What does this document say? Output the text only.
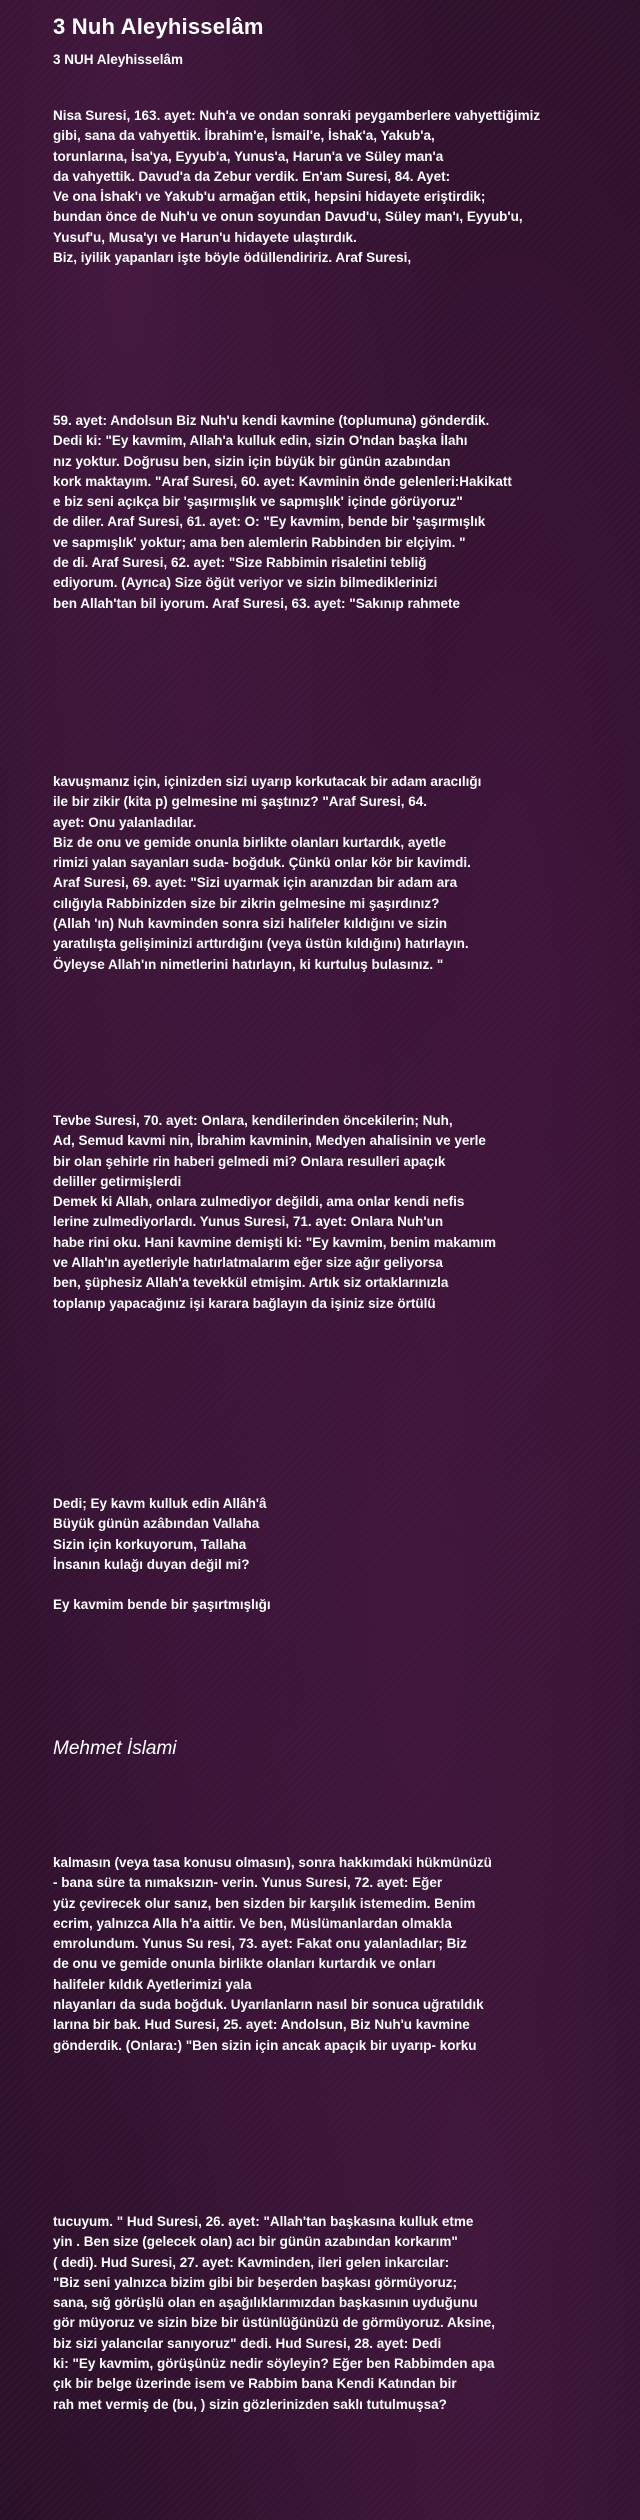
3 Nuh Aleyhisselâm
3 NUH Aleyhisselâm
Nisa Suresi, 163. ayet: Nuh'a ve ondan sonraki peygamberlere vahyettiğimiz
gibi, sana da vahyettik. İbrahim'e, İsmail'e, İshak'a, Yakub'a,
torunlarına, İsa'ya, Eyyub'a, Yunus'a, Harun'a ve Süley man'a
da vahyettik. Davud'a da Zebur verdik. En'am Suresi, 84. Ayet:
Ve ona İshak'ı ve Yakub'u armağan ettik, hepsini hidayete eriştirdik;
bundan önce de Nuh'u ve onun soyundan Davud'u, Süley man'ı, Eyyub'u,
Yusuf'u, Musa'yı ve Harun'u hidayete ulaştırdık.
Biz, iyilik yapanları işte böyle ödüllendiririz. Araf Suresi,
59. ayet: Andolsun Biz Nuh'u kendi kavmine (toplumuna) gönderdik.
Dedi ki: "Ey kavmim, Allah'a kulluk edin, sizin O'ndan başka İlahı
nız yoktur. Doğrusu ben, sizin için büyük bir günün azabından
kork maktayım. "Araf Suresi, 60. ayet: Kavminin önde gelenleri:Hakikatt
e biz seni açıkça bir 'şaşırmışlık ve sapmışlık' içinde görüyoruz"
de diler. Araf Suresi, 61. ayet: O: "Ey kavmim, bende bir 'şaşırmışlık
ve sapmışlık' yoktur; ama ben alemlerin Rabbinden bir elçiyim. "
de di. Araf Suresi, 62. ayet: "Size Rabbimin risaletini tebliğ
ediyorum. (Ayrıca) Size öğüt veriyor ve sizin bilmediklerinizi
ben Allah'tan bil iyorum. Araf Suresi, 63. ayet: "Sakınıp rahmete
kavuşmanız için, içinizden sizi uyarıp korkutacak bir adam aracılığı
ile bir zikir (kita p) gelmesine mi şaştınız? "Araf Suresi, 64.
ayet: Onu yalanladılar.
Biz de onu ve gemide onunla birlikte olanları kurtardık, ayetle
rimizi yalan sayanları suda- boğduk. Çünkü onlar kör bir kavimdi.
Araf Suresi, 69. ayet: "Sizi uyarmak için aranızdan bir adam ara
cılığıyla Rabbinizden size bir zikrin gelmesine mi şaşırdınız?
(Allah 'ın) Nuh kavminden sonra sizi halifeler kıldığını ve sizin
yaratılışta gelişiminizi arttırdığını (veya üstün kıldığını) hatırlayın.
Öyleyse Allah'ın nimetlerini hatırlayın, ki kurtuluş bulasınız. "
Tevbe Suresi, 70. ayet: Onlara, kendilerinden öncekilerin; Nuh,
Ad, Semud kavmi nin, İbrahim kavminin, Medyen ahalisinin ve yerle
bir olan şehirle rin haberi gelmedi mi? Onlara resulleri apaçık
deliller getirmişlerdi
Demek ki Allah, onlara zulmediyor değildi, ama onlar kendi nefis
lerine zulmediyorlardı. Yunus Suresi, 71. ayet: Onlara Nuh'un
habe rini oku. Hani kavmine demişti ki: "Ey kavmim, benim makamım
ve Allah'ın ayetleriyle hatırlatmalarım eğer size ağır geliyorsa
ben, şüphesiz Allah'a tevekkül etmişim. Artık siz ortaklarınızla
toplanıp yapacağınız işi karara bağlayın da işiniz size örtülü
Dedi; Ey kavm kulluk edin Allâh'â
Büyük günün azâbından Vallaha
Sizin için korkuyorum, Tallaha
İnsanın kulağı duyan değil mi?

Ey kavmim bende bir şaşırtmışlığı
kalmasın (veya tasa konusu olmasın), sonra hakkımdaki hükmünüzü
- bana süre ta nımaksızın- verin. Yunus Suresi, 72. ayet: Eğer
yüz çevirecek olur sanız, ben sizden bir karşılık istemedim. Benim
ecrim, yalnızca Alla h'a aittir. Ve ben, Müslümanlardan olmakla
emrolundum. Yunus Su resi, 73. ayet: Fakat onu yalanladılar; Biz
de onu ve gemide onunla birlikte olanları kurtardık ve onları
halifeler kıldık Ayetlerimizi yala
nlayanları da suda boğduk. Uyarılanların nasıl bir sonuca uğratıldık
larına bir bak. Hud Suresi, 25. ayet: Andolsun, Biz Nuh'u kavmine
gönderdik. (Onlara:) "Ben sizin için ancak apaçık bir uyarıp- korku
tucuyum. " Hud Suresi, 26. ayet: "Allah'tan başkasına kulluk etme
yin . Ben size (gelecek olan) acı bir günün azabından korkarım"
( dedi). Hud Suresi, 27. ayet: Kavminden, ileri gelen inkarcılar:
"Biz seni yalnızca bizim gibi bir beşerden başkası görmüyoruz;
sana, sığ görüşlü olan en aşağılıklarımızdan başkasının uyduğunu
gör müyoruz ve sizin bize bir üstünlüğünüzü de görmüyoruz. Aksine,
biz sizi yalancılar sanıyoruz" dedi. Hud Suresi, 28. ayet: Dedi
ki: "Ey kavmim, görüşünüz nedir söyleyin? Eğer ben Rabbimden apa
çık bir belge üzerinde isem ve Rabbim bana Kendi Katından bir
rah met vermiş de (bu, ) sizin gözlerinizden saklı tutulmuşsa?
Mehmet İslami
